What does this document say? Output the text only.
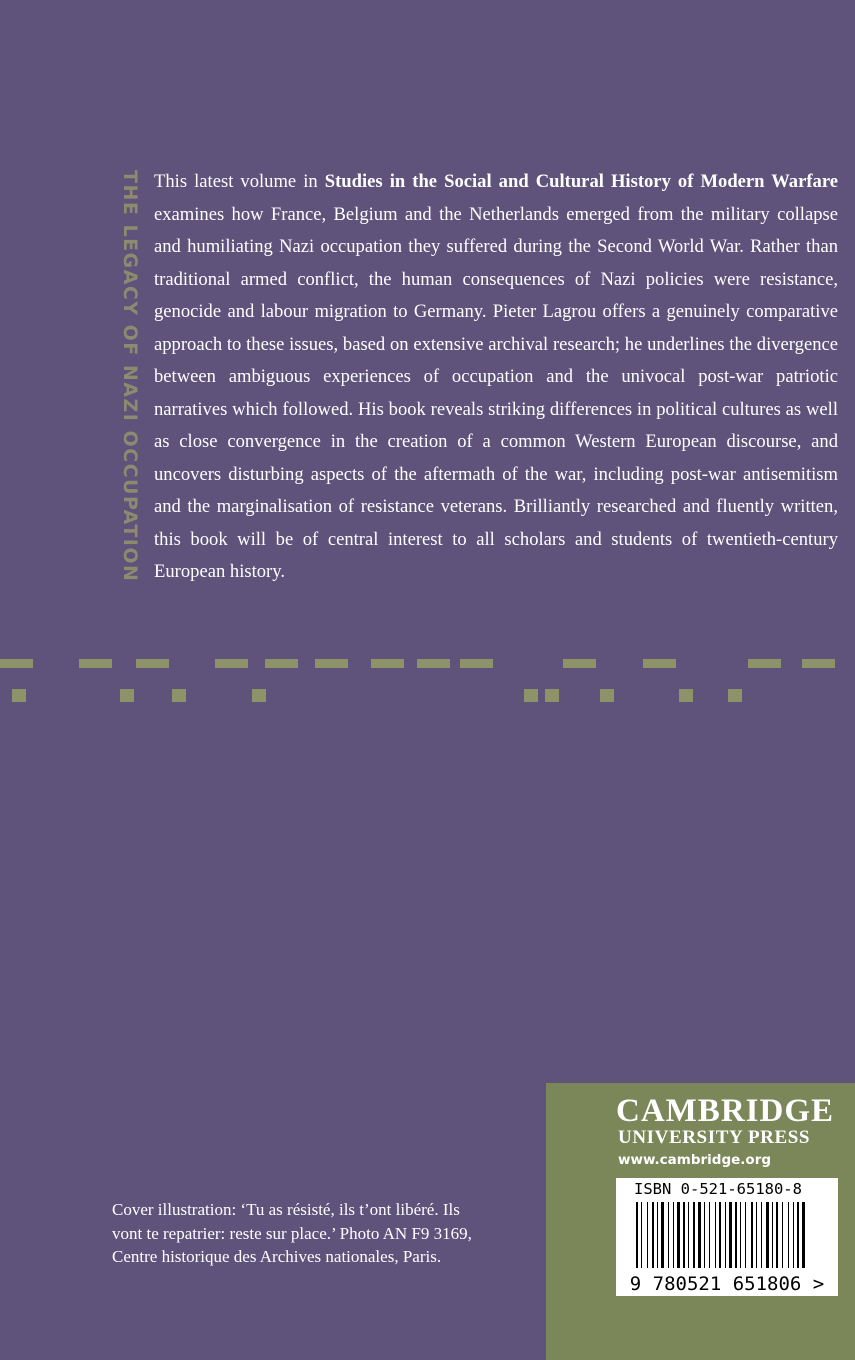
THE LEGACY OF NAZI OCCUPATION This latest volume in Studies in the Social and Cultural History of Modern Warfare examines how France, Belgium and the Netherlands emerged from the military collapse and humiliating Nazi occupation they suffered during the Second World War. Rather than traditional armed conflict, the human consequences of Nazi policies were resistance, genocide and labour migration to Germany. Pieter Lagrou offers a genuinely comparative approach to these issues, based on extensive archival research; he underlines the divergence between ambiguous experiences of occupation and the univocal post-war patriotic narratives which followed. His book reveals striking differences in political cultures as well as close convergence in the creation of a common Western European discourse, and uncovers disturbing aspects of the aftermath of the war, including post-war antisemitism and the marginalisation of resistance veterans. Brilliantly researched and fluently written, this book will be of central interest to all scholars and students of twentieth-century European history.

Cover illustration: ‘Tu as résisté, ils t’ont libéré. Ils vont te repatrier: reste sur place.’ Photo AN F9 3169, Centre historique des Archives nationales, Paris.

CAMBRIDGE
UNIVERSITY PRESS
www.cambridge.org
ISBN 0-521-65180-8
9 780521 651806 >
